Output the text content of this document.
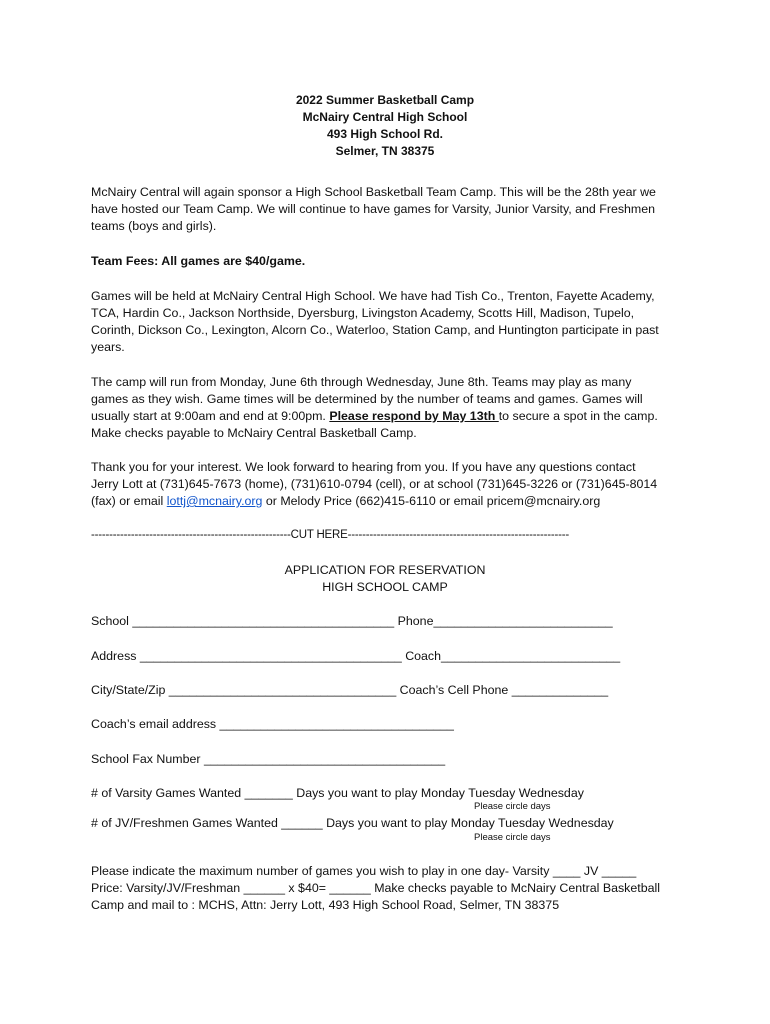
2022 Summer Basketball Camp

McNairy Central High School

493 High School Rd.

Selmer, TN 38375

McNairy Central will again sponsor a High School Basketball Team Camp. This will be the 28th year we

have hosted our Team Camp. We will continue to have games for Varsity, Junior Varsity, and Freshmen

teams (boys and girls).

Team Fees: All games are $40/game.

Games will be held at McNairy Central High School. We have had Tish Co., Trenton, Fayette Academy,

TCA, Hardin Co., Jackson Northside, Dyersburg, Livingston Academy, Scotts Hill, Madison, Tupelo,

Corinth, Dickson Co., Lexington, Alcorn Co., Waterloo, Station Camp, and Huntington participate in past

years.

The camp will run from Monday, June 6th through Wednesday, June 8th. Teams may play as many

games as they wish. Game times will be determined by the number of teams and games. Games will

usually start at 9:00am and end at 9:00pm. Please respond by May 13th to secure a spot in the camp.

Make checks payable to McNairy Central Basketball Camp.

Thank you for your interest. We look forward to hearing from you. If you have any questions contact

Jerry Lott at (731)645-7673 (home), (731)610-0794 (cell), or at school (731)645-3226 or (731)645-8014

(fax) or email lottj@mcnairy.org or Melody Price (662)415-6110 or email pricem@mcnairy.org

-------------------------------------------------------CUT HERE-------------------------------------------------------------

APPLICATION FOR RESERVATION

HIGH SCHOOL CAMP

School ______________________________________ Phone__________________________

Address ______________________________________ Coach__________________________

City/State/Zip _________________________________ Coach’s Cell Phone ______________

Coach’s email address __________________________________

School Fax Number ___________________________________

# of Varsity Games Wanted _______ Days you want to play Monday Tuesday Wednesday

Please circle days

# of JV/Freshmen Games Wanted ______ Days you want to play Monday Tuesday Wednesday

Please circle days

Please indicate the maximum number of games you wish to play in one day- Varsity ____ JV _____

Price: Varsity/JV/Freshman ______ x $40= ______ Make checks payable to McNairy Central Basketball

Camp and mail to : MCHS, Attn: Jerry Lott, 493 High School Road, Selmer, TN 38375
